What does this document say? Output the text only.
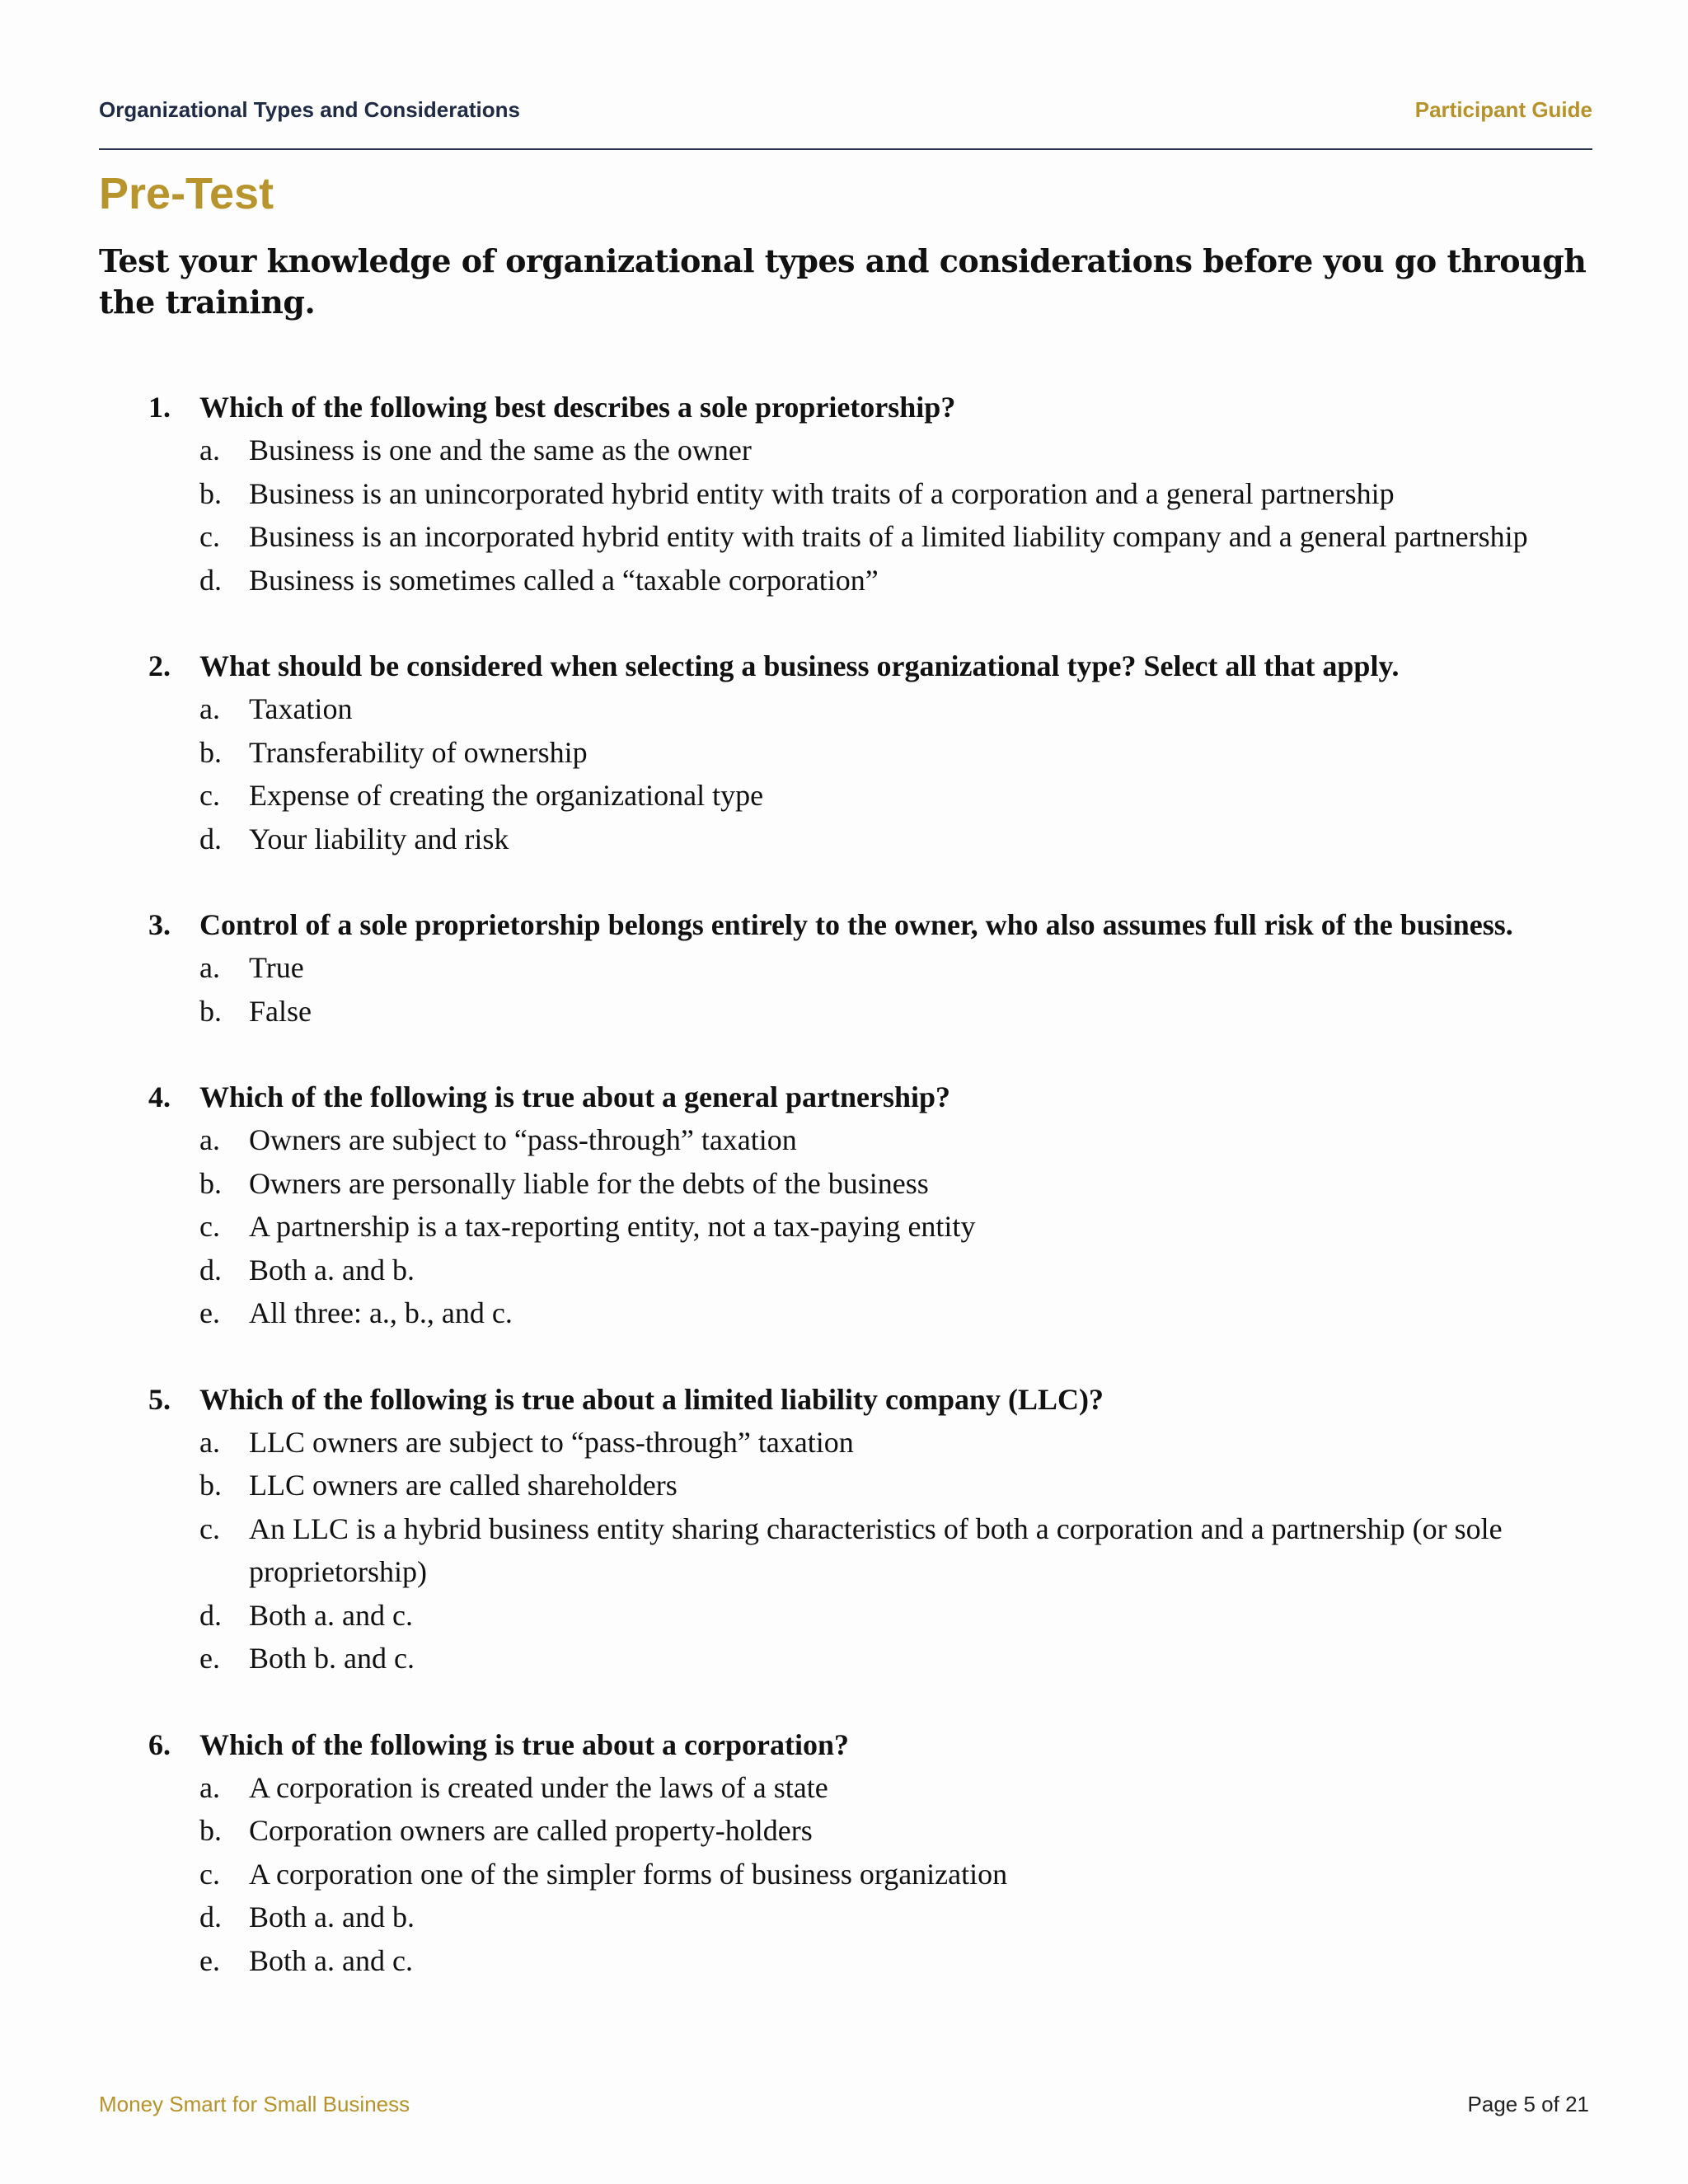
Organizational Types and Considerations	Participant Guide
Pre-Test
Test your knowledge of organizational types and considerations before you go through the training.
1. Which of the following best describes a sole proprietorship?
a. Business is one and the same as the owner
b. Business is an unincorporated hybrid entity with traits of a corporation and a general partnership
c. Business is an incorporated hybrid entity with traits of a limited liability company and a general partnership
d. Business is sometimes called a “taxable corporation”
2. What should be considered when selecting a business organizational type? Select all that apply.
a. Taxation
b. Transferability of ownership
c. Expense of creating the organizational type
d. Your liability and risk
3. Control of a sole proprietorship belongs entirely to the owner, who also assumes full risk of the business.
a. True
b. False
4. Which of the following is true about a general partnership?
a. Owners are subject to “pass-through” taxation
b. Owners are personally liable for the debts of the business
c. A partnership is a tax-reporting entity, not a tax-paying entity
d. Both a. and b.
e. All three: a., b., and c.
5. Which of the following is true about a limited liability company (LLC)?
a. LLC owners are subject to “pass-through” taxation
b. LLC owners are called shareholders
c. An LLC is a hybrid business entity sharing characteristics of both a corporation and a partnership (or sole proprietorship)
d. Both a. and c.
e. Both b. and c.
6. Which of the following is true about a corporation?
a. A corporation is created under the laws of a state
b. Corporation owners are called property-holders
c. A corporation one of the simpler forms of business organization
d. Both a. and b.
e. Both a. and c.
Money Smart for Small Business	Page 5 of 21
